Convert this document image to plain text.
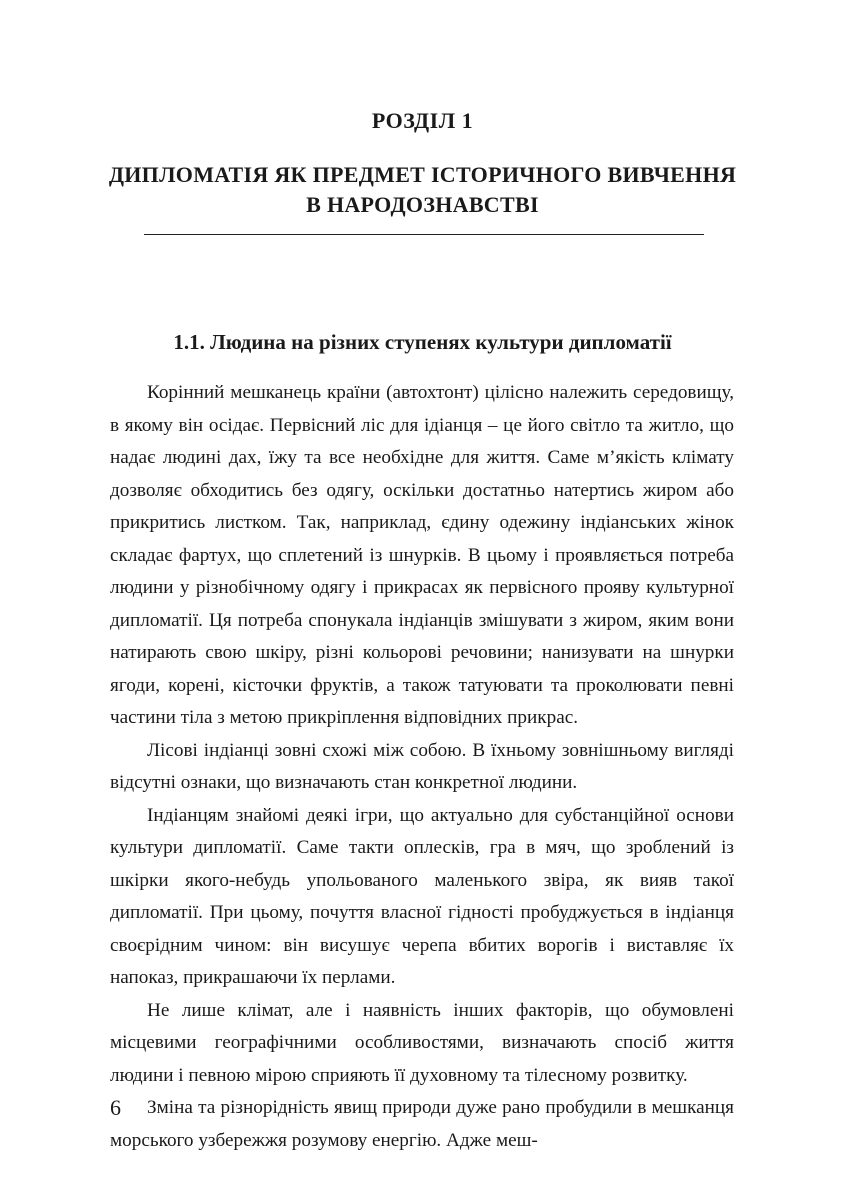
РОЗДІЛ 1
ДИПЛОМАТІЯ ЯК ПРЕДМЕТ ІСТОРИЧНОГО ВИВЧЕННЯ В НАРОДОЗНАВСТВІ
1.1. Людина на різних ступенях культури дипломатії

Корінний мешканець країни (автохтонт) цілісно належить середовищу, в якому він осідає. Первісний ліс для ідіанця – це його світло та житло, що надає людині дах, їжу та все необхідне для життя. Саме м’якість клімату дозволяє обходитись без одягу, оскільки достатньо натертись жиром або прикритись листком. Так, наприклад, єдину одежину індіанських жінок складає фартух, що сплетений із шнурків. В цьому і проявляється потреба людини у різнобічному одягу і прикрасах як первісного прояву культурної дипломатії. Ця потреба спонукала індіанців змішувати з жиром, яким вони натирають свою шкіру, різні кольорові речовини; нанизувати на шнурки ягоди, корені, кісточки фруктів, а також татуювати та проколювати певні частини тіла з метою прикріплення відповідних прикрас.

Лісові індіанці зовні схожі між собою. В їхньому зовнішньому вигляді відсутні ознаки, що визначають стан конкретної людини.

Індіанцям знайомі деякі ігри, що актуально для субстанційної основи культури дипломатії. Саме такти оплесків, гра в мяч, що зроблений із шкірки якого-небудь упольованого маленького звіра, як вияв такої дипломатії. При цьому, почуття власної гідності пробуджується в індіанця своєрідним чином: він висушує черепа вбитих ворогів і виставляє їх напоказ, прикрашаючи їх перлами.

Не лише клімат, але і наявність інших факторів, що обумовлені місцевими географічними особливостями, визначають спосіб життя людини і певною мірою сприяють її духовному та тілесному розвитку.

Зміна та різнорідність явищ природи дуже рано пробудили в мешканця морського узбережжя розумову енергію. Адже меш-

6
